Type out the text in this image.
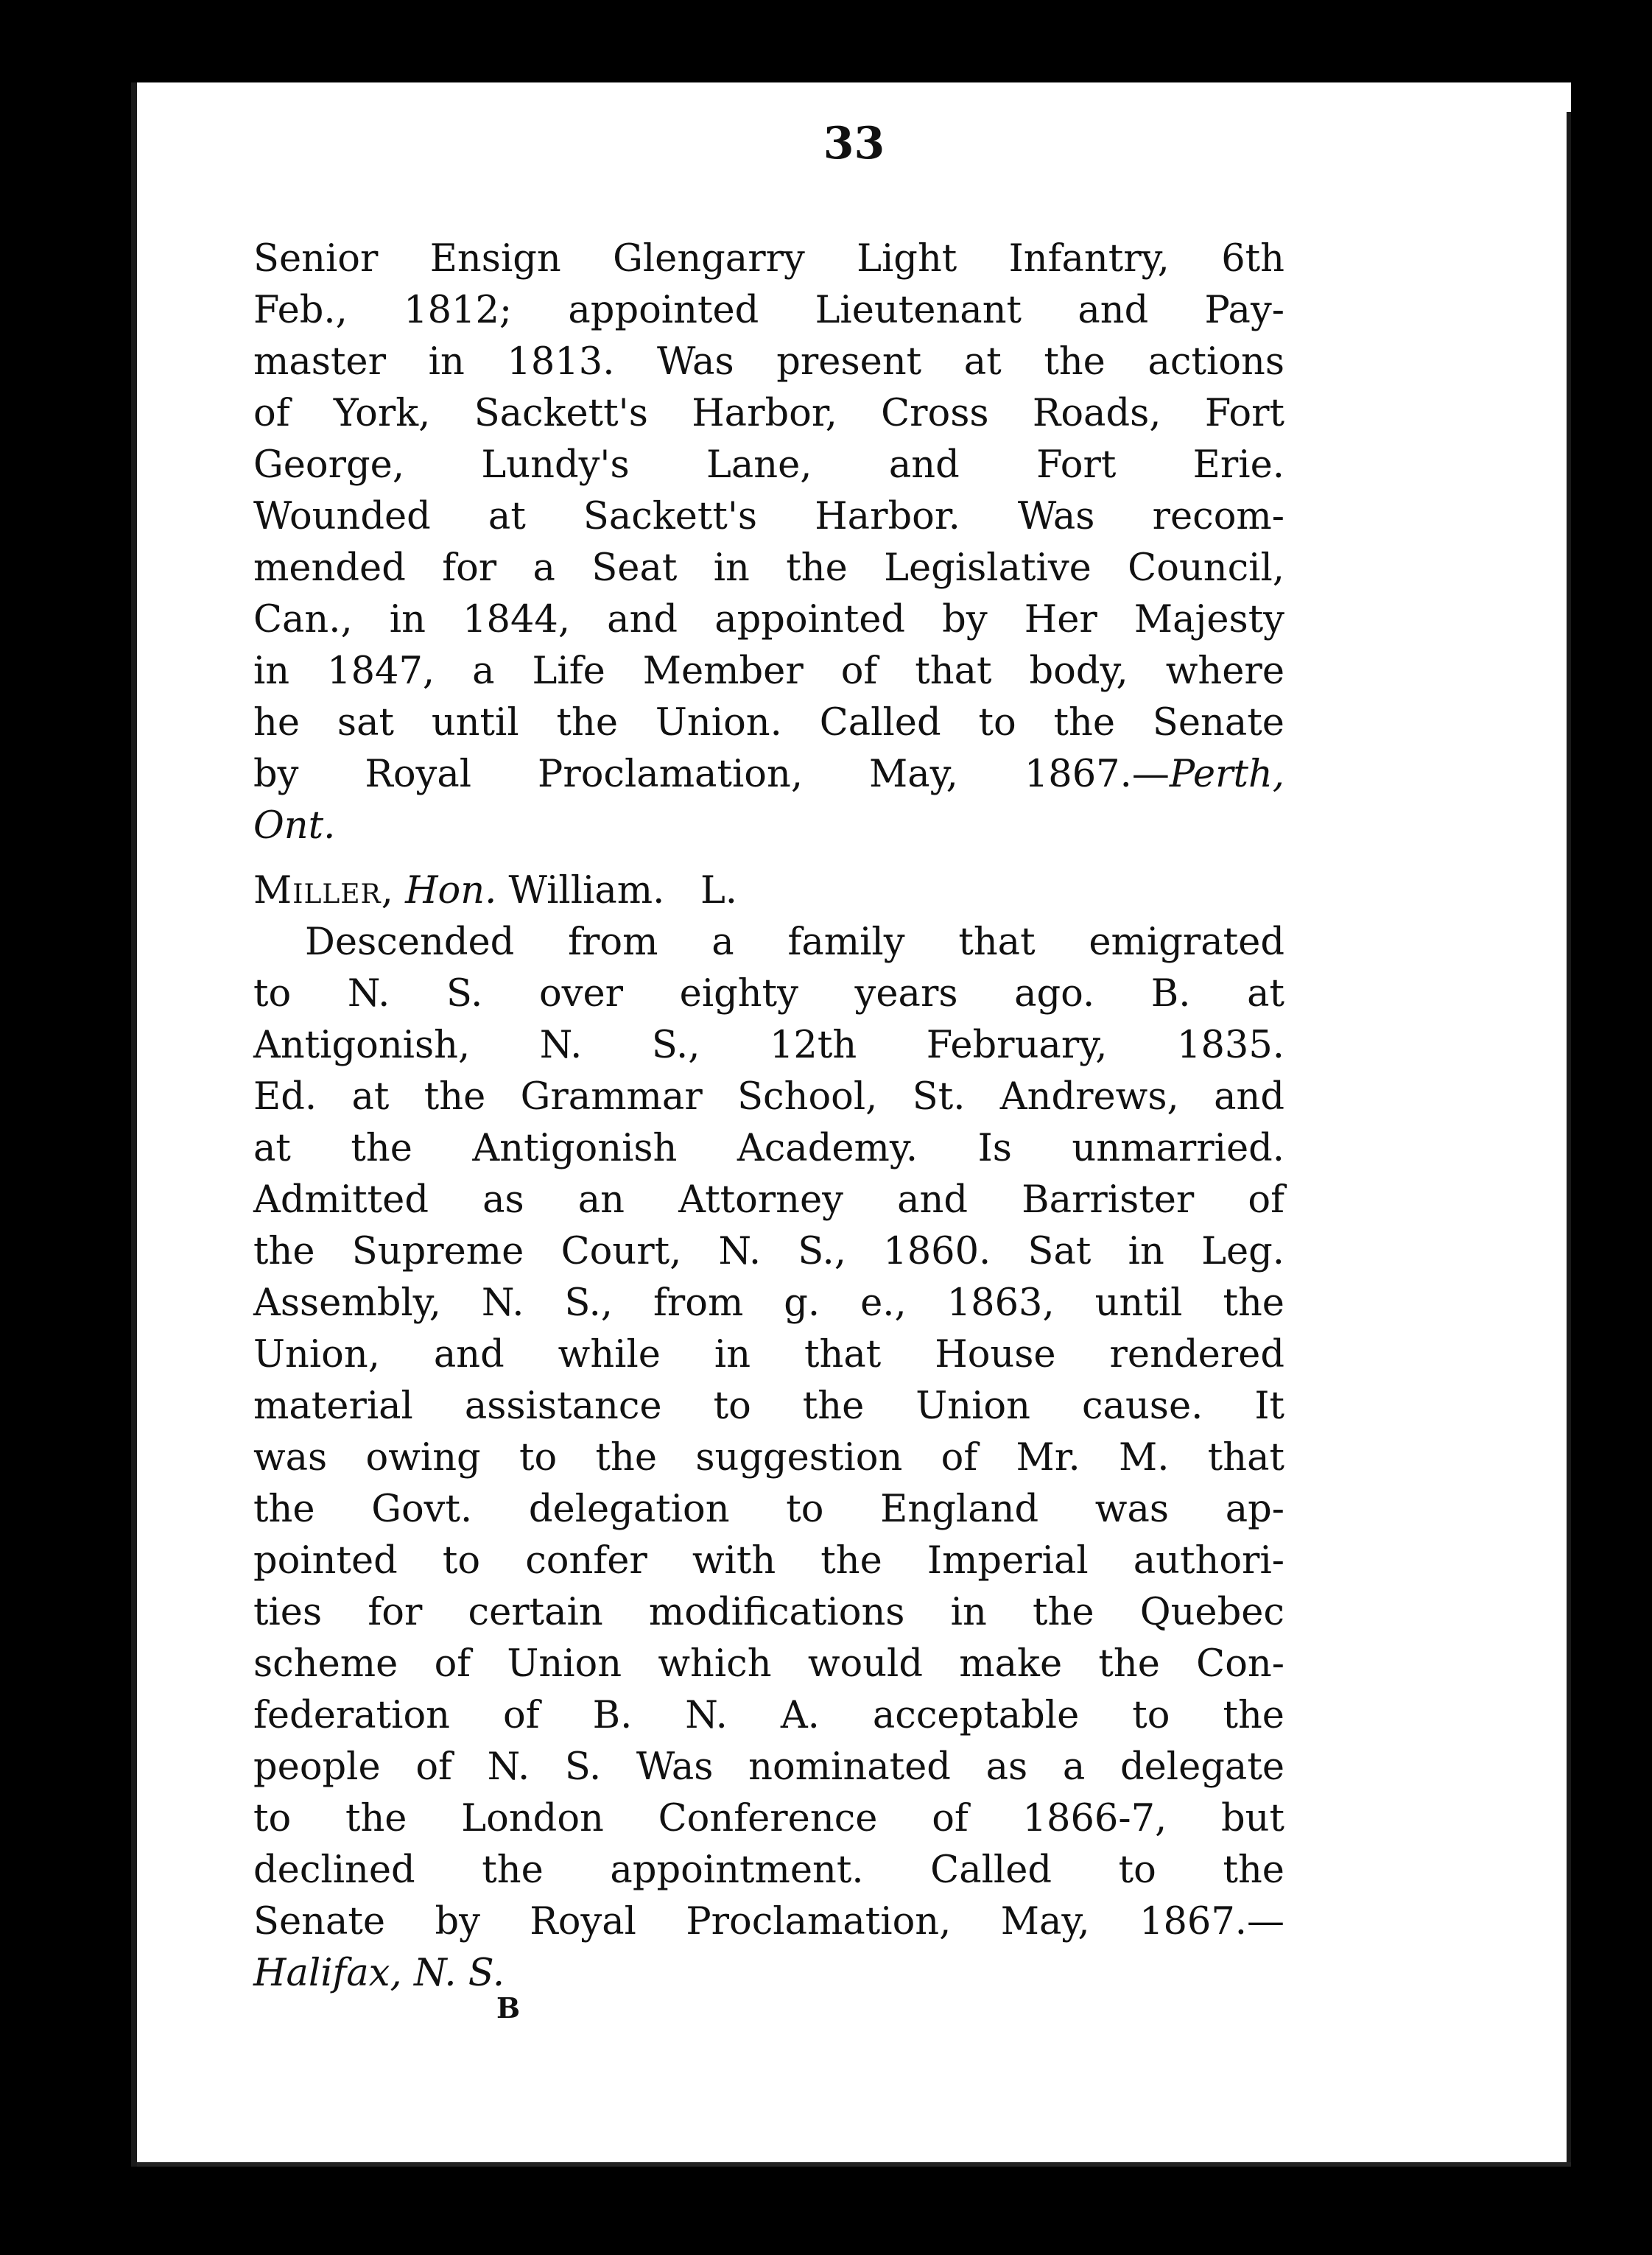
33
Senior Ensign Glengarry Light Infantry, 6th
Feb., 1812; appointed Lieutenant and Pay-
master in 1813. Was present at the actions
of York, Sackett's Harbor, Cross Roads, Fort
George, Lundy's Lane, and Fort Erie.
Wounded at Sackett's Harbor. Was recom-
mended for a Seat in the Legislative Council,
Can., in 1844, and appointed by Her Majesty
in 1847, a Life Member of that body, where
he sat until the Union. Called to the Senate
by Royal Proclamation, May, 1867.—Perth,
Ont.
Miller, Hon. William. L.
Descended from a family that emigrated
to N. S. over eighty years ago. B. at
Antigonish, N. S., 12th February, 1835.
Ed. at the Grammar School, St. Andrews, and
at the Antigonish Academy. Is unmarried.
Admitted as an Attorney and Barrister of
the Supreme Court, N. S., 1860. Sat in Leg.
Assembly, N. S., from g. e., 1863, until the
Union, and while in that House rendered
material assistance to the Union cause. It
was owing to the suggestion of Mr. M. that
the Govt. delegation to England was ap-
pointed to confer with the Imperial authori-
ties for certain modifications in the Quebec
scheme of Union which would make the Con-
federation of B. N. A. acceptable to the
people of N. S. Was nominated as a delegate
to the London Conference of 1866-7, but
declined the appointment. Called to the
Senate by Royal Proclamation, May, 1867.—
Halifax, N. S.
B
